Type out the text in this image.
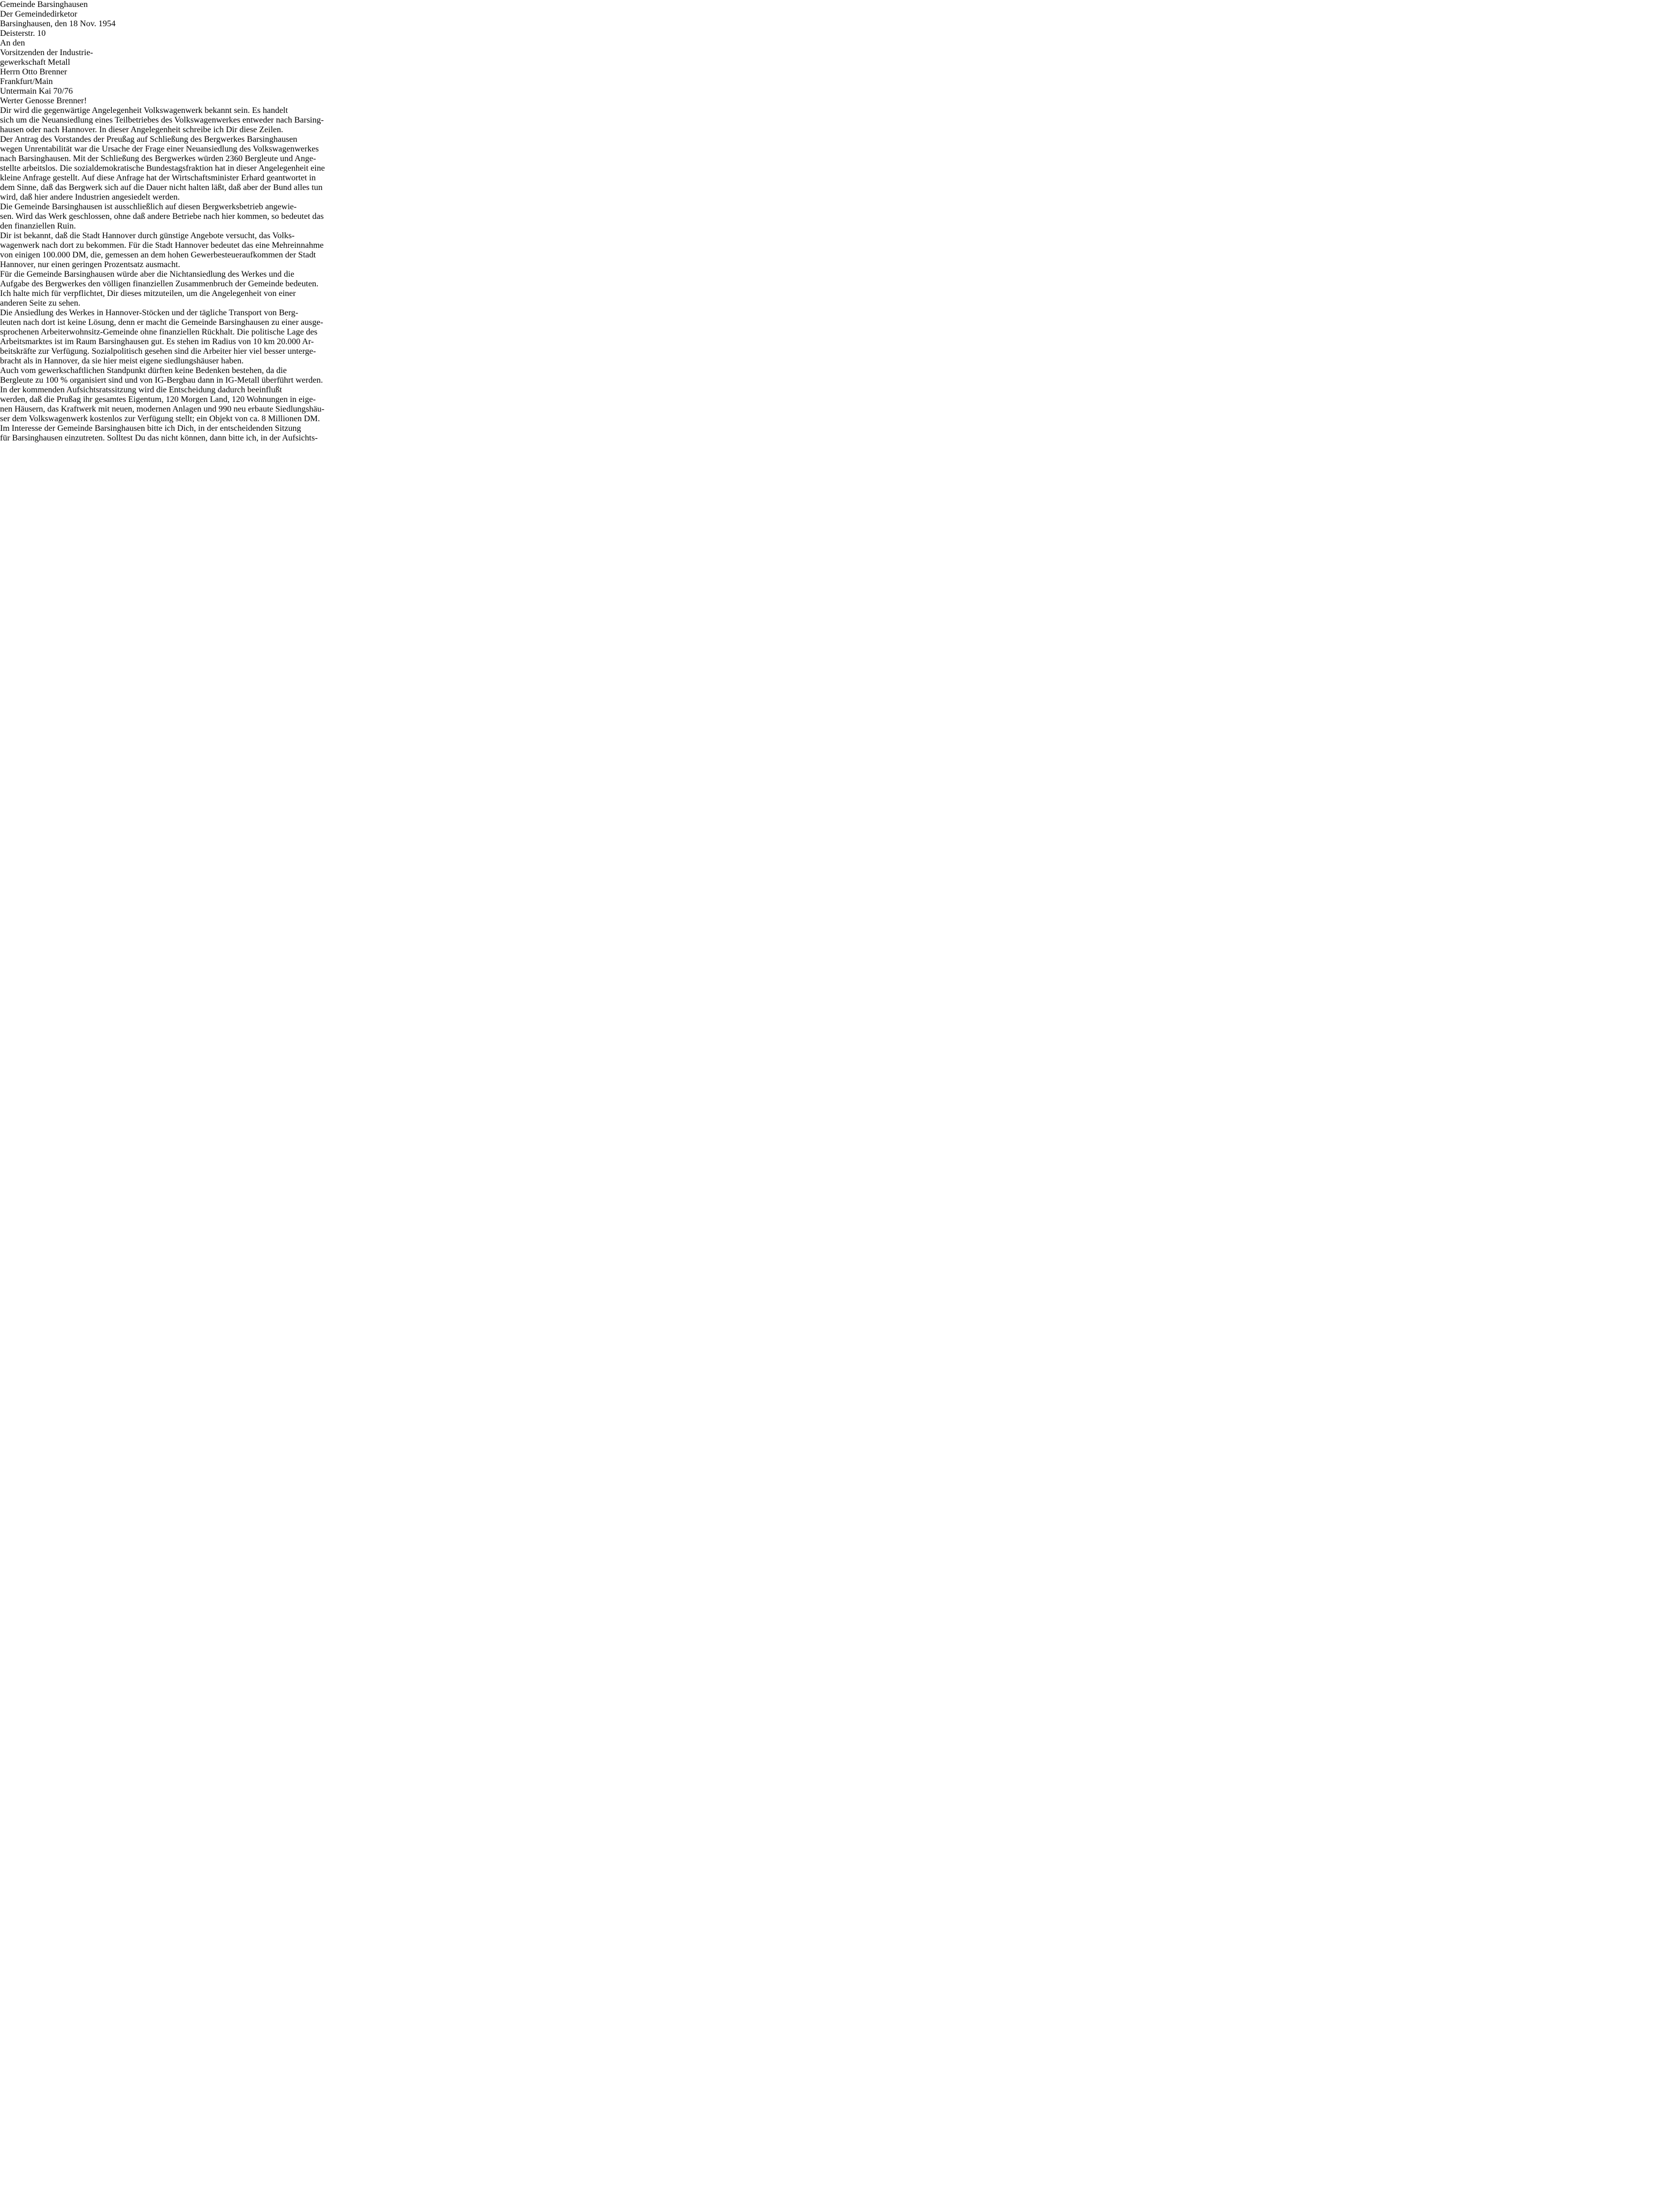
Gemeinde Barsinghausen
Der Gemeindedirketor
Barsinghausen, den 18 Nov. 1954
Deisterstr. 10
An den
Vorsitzenden der Industrie-
gewerkschaft Metall
Herrn Otto Brenner
Frankfurt/Main
Untermain Kai 70/76
Werter Genosse Brenner!
Dir wird die gegenwärtige Angelegenheit Volkswagenwerk bekannt sein. Es handelt
sich um die Neuansiedlung eines Teilbetriebes des Volkswagenwerkes entweder nach Barsing-
hausen oder nach Hannover. In dieser Angelegenheit schreibe ich Dir diese Zeilen.
Der Antrag des Vorstandes der Preußag auf Schließung des Bergwerkes Barsinghausen
wegen Unrentabilität war die Ursache der Frage einer Neuansiedlung des Volkswagenwerkes
nach Barsinghausen. Mit der Schließung des Bergwerkes würden 2360 Bergleute und Ange-
stellte arbeitslos. Die sozialdemokratische Bundestagsfraktion hat in dieser Angelegenheit eine
kleine Anfrage gestellt. Auf diese Anfrage hat der Wirtschaftsminister Erhard geantwortet in
dem Sinne, daß das Bergwerk sich auf die Dauer nicht halten läßt, daß aber der Bund alles tun
wird, daß hier andere Industrien angesiedelt werden.
Die Gemeinde Barsinghausen ist ausschließlich auf diesen Bergwerksbetrieb angewie-
sen. Wird das Werk geschlossen, ohne daß andere Betriebe nach hier kommen, so bedeutet das
den finanziellen Ruin.
Dir ist bekannt, daß die Stadt Hannover durch günstige Angebote versucht, das Volks-
wagenwerk nach dort zu bekommen. Für die Stadt Hannover bedeutet das eine Mehreinnahme
von einigen 100.000 DM, die, gemessen an dem hohen Gewerbesteueraufkommen der Stadt
Hannover, nur einen geringen Prozentsatz ausmacht.
Für die Gemeinde Barsinghausen würde aber die Nichtansiedlung des Werkes und die
Aufgabe des Bergwerkes den völligen finanziellen Zusammenbruch der Gemeinde bedeuten.
Ich halte mich für verpflichtet, Dir dieses mitzuteilen, um die Angelegenheit von einer
anderen Seite zu sehen.
Die Ansiedlung des Werkes in Hannover-Stöcken und der tägliche Transport von Berg-
leuten nach dort ist keine Lösung, denn er macht die Gemeinde Barsinghausen zu einer ausge-
sprochenen Arbeiterwohnsitz-Gemeinde ohne finanziellen Rückhalt. Die politische Lage des
Arbeitsmarktes ist im Raum Barsinghausen gut. Es stehen im Radius von 10 km 20.000 Ar-
beitskräfte zur Verfügung. Sozialpolitisch gesehen sind die Arbeiter hier viel besser unterge-
bracht als in Hannover, da sie hier meist eigene siedlungshäuser haben.
Auch vom gewerkschaftlichen Standpunkt dürften keine Bedenken bestehen, da die
Bergleute zu 100 % organisiert sind und von IG-Bergbau dann in IG-Metall überführt werden.
In der kommenden Aufsichtsratssitzung wird die Entscheidung dadurch beeinflußt
werden, daß die Prußag ihr gesamtes Eigentum, 120 Morgen Land, 120 Wohnungen in eige-
nen Häusern, das Kraftwerk mit neuen, modernen Anlagen und 990 neu erbaute Siedlungshäu-
ser dem Volkswagenwerk kostenlos zur Verfügung stellt; ein Objekt von ca. 8 Millionen DM.
Im Interesse der Gemeinde Barsinghausen bitte ich Dich, in der entscheidenden Sitzung
für Barsinghausen einzutreten. Solltest Du das nicht können, dann bitte ich, in der Aufsichts-
